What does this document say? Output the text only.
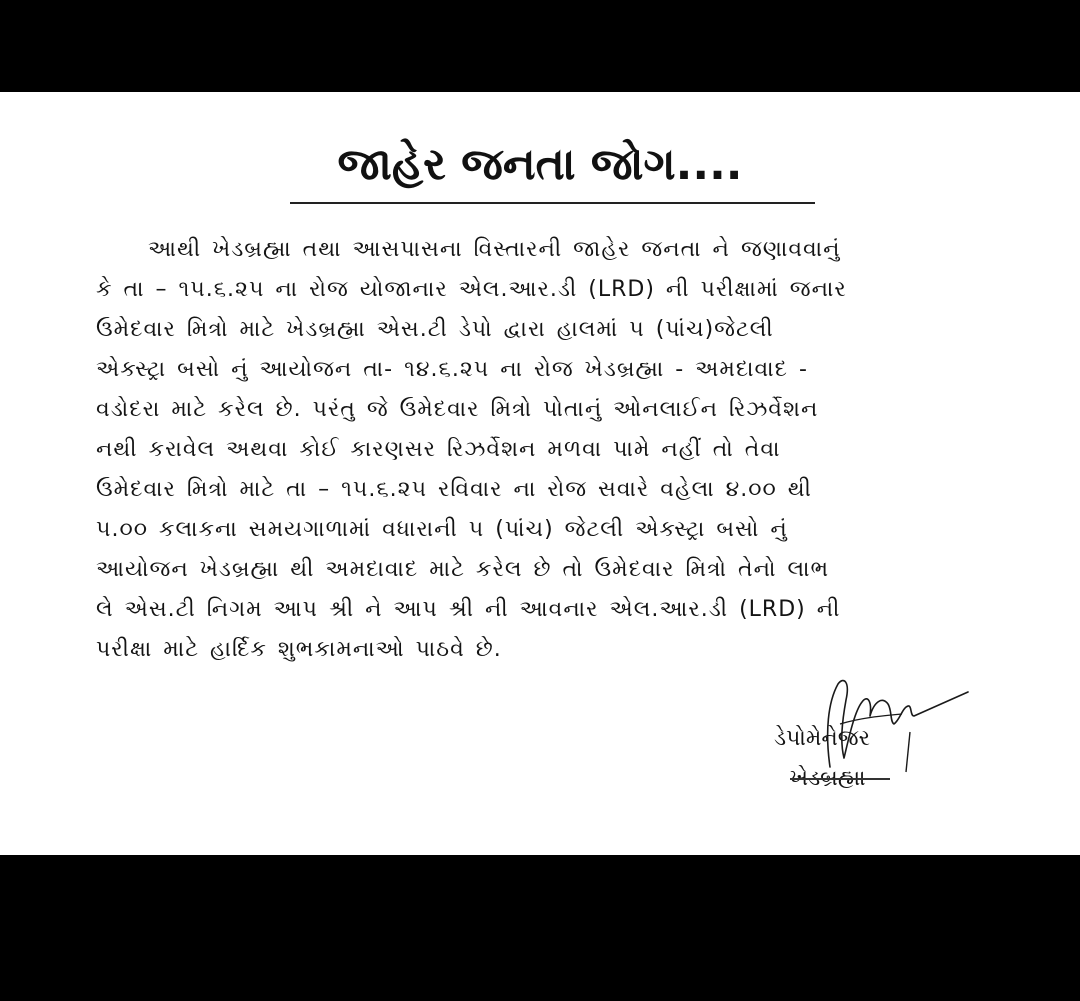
જાહેર જનતા જોગ....
આથી ખેડબ્રહ્મા તથા આસપાસના વિસ્તારની જાહેર જનતા ને જણાવવાનું
કે તા – ૧૫.૬.૨૫ ના રોજ યોજાનાર એલ.આર.ડી (LRD) ની પરીક્ષામાં જનાર
ઉમેદવાર મિત્રો માટે ખેડબ્રહ્મા એસ.ટી ડેપો દ્વારા હાલમાં ૫ (પાંચ)જેટલી
એક્સ્ટ્રા બસો નું આયોજન તા- ૧૪.૬.૨૫ ના રોજ ખેડબ્રહ્મા - અમદાવાદ -
વડોદરા માટે કરેલ છે. પરંતુ જે ઉમેદવાર મિત્રો પોતાનું ઓનલાઈન રિઝર્વેશન
નથી કરાવેલ અથવા કોઈ કારણસર રિઝર્વેશન મળવા પામે નહીં તો તેવા
ઉમેદવાર મિત્રો માટે તા – ૧૫.૬.૨૫ રવિવાર ના રોજ સવારે વહેલા ૪.૦૦ થી
૫.૦૦ કલાકના સમયગાળામાં વધારાની ૫ (પાંચ) જેટલી એક્સ્ટ્રા બસો નું
આયોજન ખેડબ્રહ્મા થી અમદાવાદ માટે કરેલ છે તો ઉમેદવાર મિત્રો તેનો લાભ
લે એસ.ટી નિગમ આપ શ્રી ને આપ શ્રી ની આવનાર એલ.આર.ડી (LRD) ની
પરીક્ષા માટે હાર્દિક શુભકામનાઓ પાઠવે છે.
ડેપોમેનેજર
ખેડબ્રહ્મા
